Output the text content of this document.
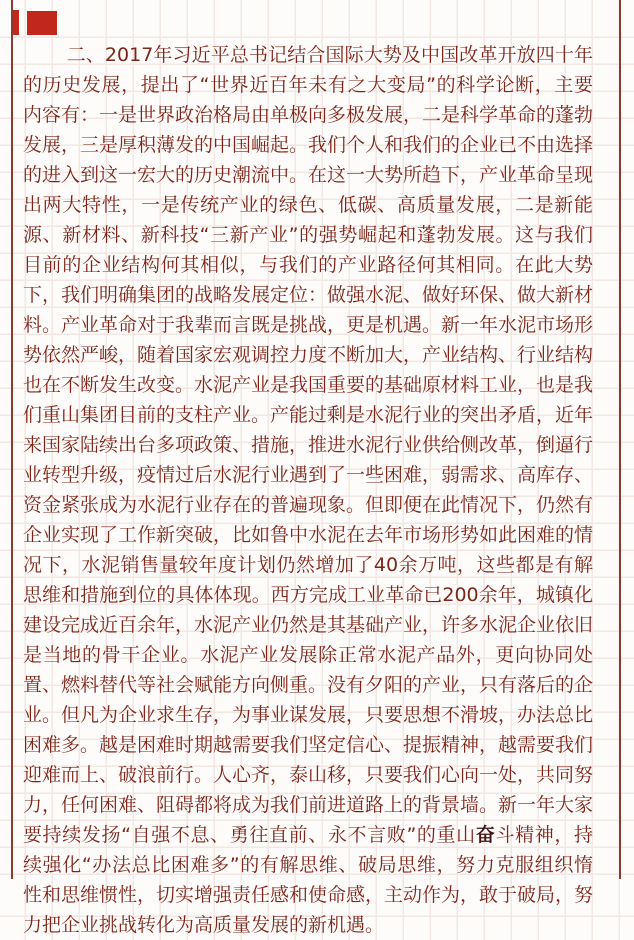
二、2017年习近平总书记结合国际大势及中国改革开放四十年的历史发展，提出了“世界近百年未有之大变局”的科学论断，主要内容有：一是世界政治格局由单极向多极发展，二是科学革命的蓬勃发展，三是厚积薄发的中国崛起。我们个人和我们的企业已不由选择的进入到这一宏大的历史潮流中。在这一大势所趋下，产业革命呈现出两大特性，一是传统产业的绿色、低碳、高质量发展，二是新能源、新材料、新科技“三新产业”的强势崛起和蓬勃发展。这与我们目前的企业结构何其相似，与我们的产业路径何其相同。在此大势下，我们明确集团的战略发展定位：做强水泥、做好环保、做大新材料。产业革命对于我辈而言既是挑战，更是机遇。新一年水泥市场形势依然严峻，随着国家宏观调控力度不断加大，产业结构、行业结构也在不断发生改变。水泥产业是我国重要的基础原材料工业，也是我们重山集团目前的支柱产业。产能过剩是水泥行业的突出矛盾，近年来国家陆续出台多项政策、措施，推进水泥行业供给侧改革，倒逼行业转型升级，疫情过后水泥行业遇到了一些困难，弱需求、高库存、资金紧张成为水泥行业存在的普遍现象。但即便在此情况下，仍然有企业实现了工作新突破，比如鲁中水泥在去年市场形势如此困难的情况下，水泥销售量较年度计划仍然增加了40余万吨，这些都是有解思维和措施到位的具体体现。西方完成工业革命已200余年，城镇化建设完成近百余年，水泥产业仍然是其基础产业，许多水泥企业依旧是当地的骨干企业。水泥产业发展除正常水泥产品外，更向协同处置、燃料替代等社会赋能方向侧重。没有夕阳的产业，只有落后的企业。但凡为企业求生存，为事业谋发展，只要思想不滑坡，办法总比困难多。越是困难时期越需要我们坚定信心、提振精神，越需要我们迎难而上、破浪前行。人心齐，泰山移，只要我们心向一处，共同努力，任何困难、阻碍都将成为我们前进道路上的背景墙。新一年大家要持续发扬“自强不息、勇往直前、永不言败”的重山奋斗精神，持续强化“办法总比困难多”的有解思维、破局思维，努力克服组织惰性和思维惯性，切实增强责任感和使命感，主动作为，敢于破局，努力把企业挑战转化为高质量发展的新机遇。
